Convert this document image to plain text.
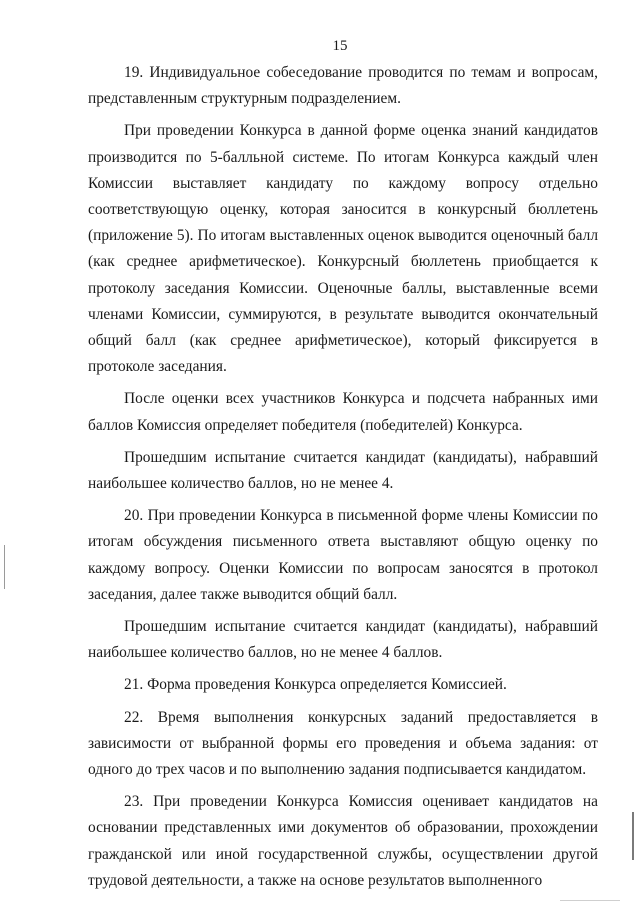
15

19. Индивидуальное собеседование проводится по темам и вопросам, представленным структурным подразделением.

При проведении Конкурса в данной форме оценка знаний кандидатов производится по 5-балльной системе. По итогам Конкурса каждый член Комиссии выставляет кандидату по каждому вопросу отдельно соответствующую оценку, которая заносится в конкурсный бюллетень (приложение 5). По итогам выставленных оценок выводится оценочный балл (как среднее арифметическое). Конкурсный бюллетень приобщается к протоколу заседания Комиссии. Оценочные баллы, выставленные всеми членами Комиссии, суммируются, в результате выводится окончательный общий балл (как среднее арифметическое), который фиксируется в протоколе заседания.

После оценки всех участников Конкурса и подсчета набранных ими баллов Комиссия определяет победителя (победителей) Конкурса.

Прошедшим испытание считается кандидат (кандидаты), набравший наибольшее количество баллов, но не менее 4.

20. При проведении Конкурса в письменной форме члены Комиссии по итогам обсуждения письменного ответа выставляют общую оценку по каждому вопросу. Оценки Комиссии по вопросам заносятся в протокол заседания, далее также выводится общий балл.

Прошедшим испытание считается кандидат (кандидаты), набравший наибольшее количество баллов, но не менее 4 баллов.

21. Форма проведения Конкурса определяется Комиссией.

22. Время выполнения конкурсных заданий предоставляется в зависимости от выбранной формы его проведения и объема задания: от одного до трех часов и по выполнению задания подписывается кандидатом.

23. При проведении Конкурса Комиссия оценивает кандидатов на основании представленных ими документов об образовании, прохождении гражданской или иной государственной службы, осуществлении другой трудовой деятельности, а также на основе результатов выполненного
